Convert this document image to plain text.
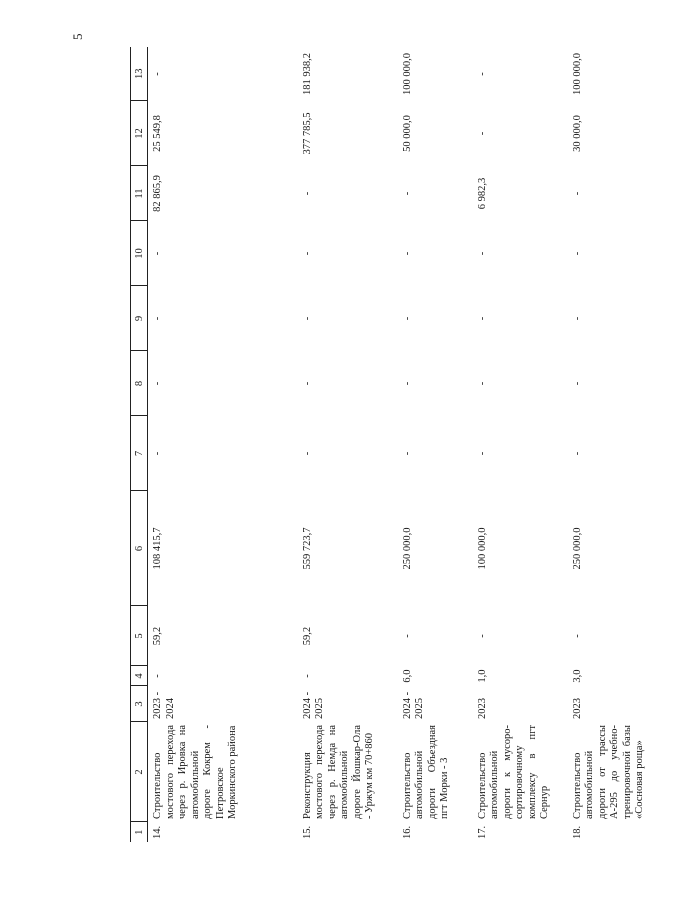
5
1	2	3	4	5	6	7	8	9	10	11	12	13
14.	Строительство мостового перехода через р. Ировка на автомобильной дороге Кокрем - Петровское Моркинского района	2023 - 2024	-	59,2	108 415,7	-	-	-	-	82 865,9	25 549,8	-
15.	Реконструкция мостового перехода через р. Немда на автомобильной дороге Йошкар-Ола - Уржум км 70+860	2024 - 2025	-	59,2	559 723,7	-	-	-	-	-	377 785,5	181 938,2
16.	Строительство автомобильной дороги Объездная пгт Морки - 3	2024 - 2025	6,0	-	250 000,0	-	-	-	-	-	50 000,0	100 000,0
17.	Строительство автомобильной дороги к мусоро-сортировочному комплексу в пгт Сернур	2023	1,0	-	100 000,0	-	-	-	-	6 982,3	-	-
18.	Строительство автомобильной дороги от трассы А-295 до учебно-тренировочной базы «Сосновая роща»	2023	3,0	-	250 000,0	-	-	-	-	-	30 000,0	100 000,0
